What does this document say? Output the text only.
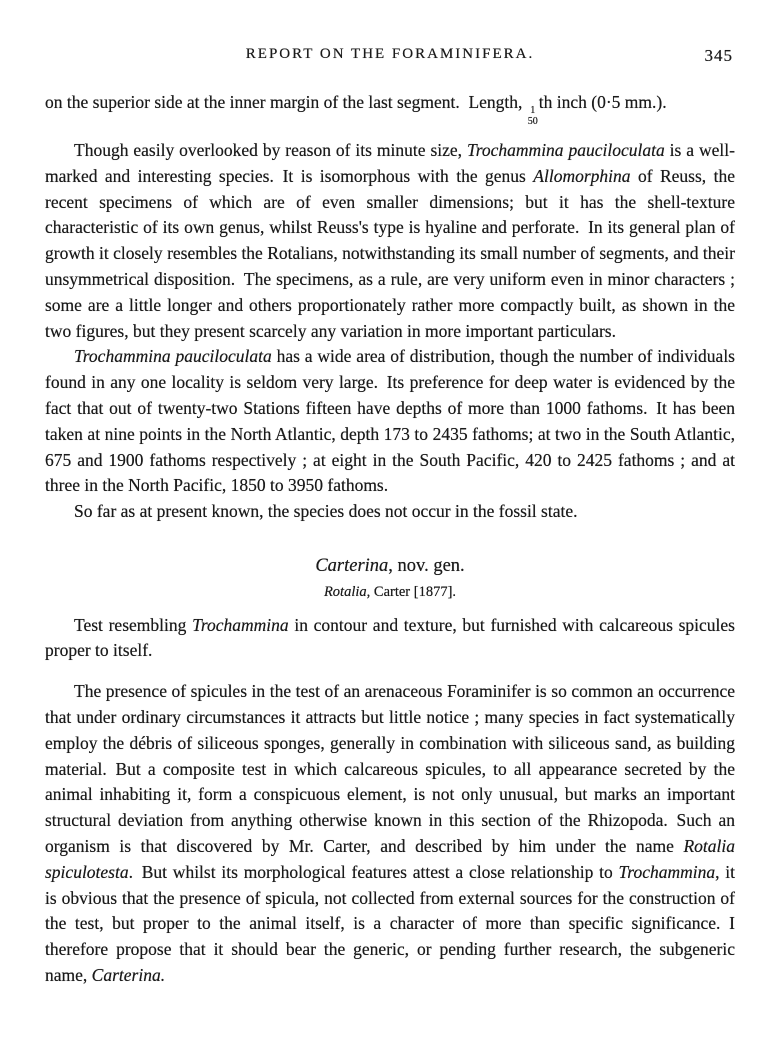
REPORT ON THE FORAMINIFERA.	345

on the superior side at the inner margin of the last segment. Length, 1
50
th inch (0·5 mm.).

Though easily overlooked by reason of its minute size, Trochammina pauciloculata is a well-marked and interesting species. It is isomorphous with the genus Allomorphina of Reuss, the recent specimens of which are of even smaller dimensions; but it has the shell-texture characteristic of its own genus, whilst Reuss's type is hyaline and perforate. In its general plan of growth it closely resembles the Rotalians, notwithstanding its small number of segments, and their unsymmetrical disposition. The specimens, as a rule, are very uniform even in minor characters ; some are a little longer and others proportionately rather more compactly built, as shown in the two figures, but they present scarcely any variation in more important particulars.

Trochammina pauciloculata has a wide area of distribution, though the number of individuals found in any one locality is seldom very large. Its preference for deep water is evidenced by the fact that out of twenty-two Stations fifteen have depths of more than 1000 fathoms. It has been taken at nine points in the North Atlantic, depth 173 to 2435 fathoms; at two in the South Atlantic, 675 and 1900 fathoms respectively ; at eight in the South Pacific, 420 to 2425 fathoms ; and at three in the North Pacific, 1850 to 3950 fathoms.

So far as at present known, the species does not occur in the fossil state.

Carterina, nov. gen.

Rotalia, Carter [1877].

Test resembling Trochammina in contour and texture, but furnished with calcareous spicules proper to itself.

The presence of spicules in the test of an arenaceous Foraminifer is so common an occurrence that under ordinary circumstances it attracts but little notice ; many species in fact systematically employ the débris of siliceous sponges, generally in combination with siliceous sand, as building material. But a composite test in which calcareous spicules, to all appearance secreted by the animal inhabiting it, form a conspicuous element, is not only unusual, but marks an important structural deviation from anything otherwise known in this section of the Rhizopoda. Such an organism is that discovered by Mr. Carter, and described by him under the name Rotalia spiculotesta. But whilst its morphological features attest a close relationship to Trochammina, it is obvious that the presence of spicula, not collected from external sources for the construction of the test, but proper to the animal itself, is a character of more than specific significance. I therefore propose that it should bear the generic, or pending further research, the subgeneric name, Carterina.
